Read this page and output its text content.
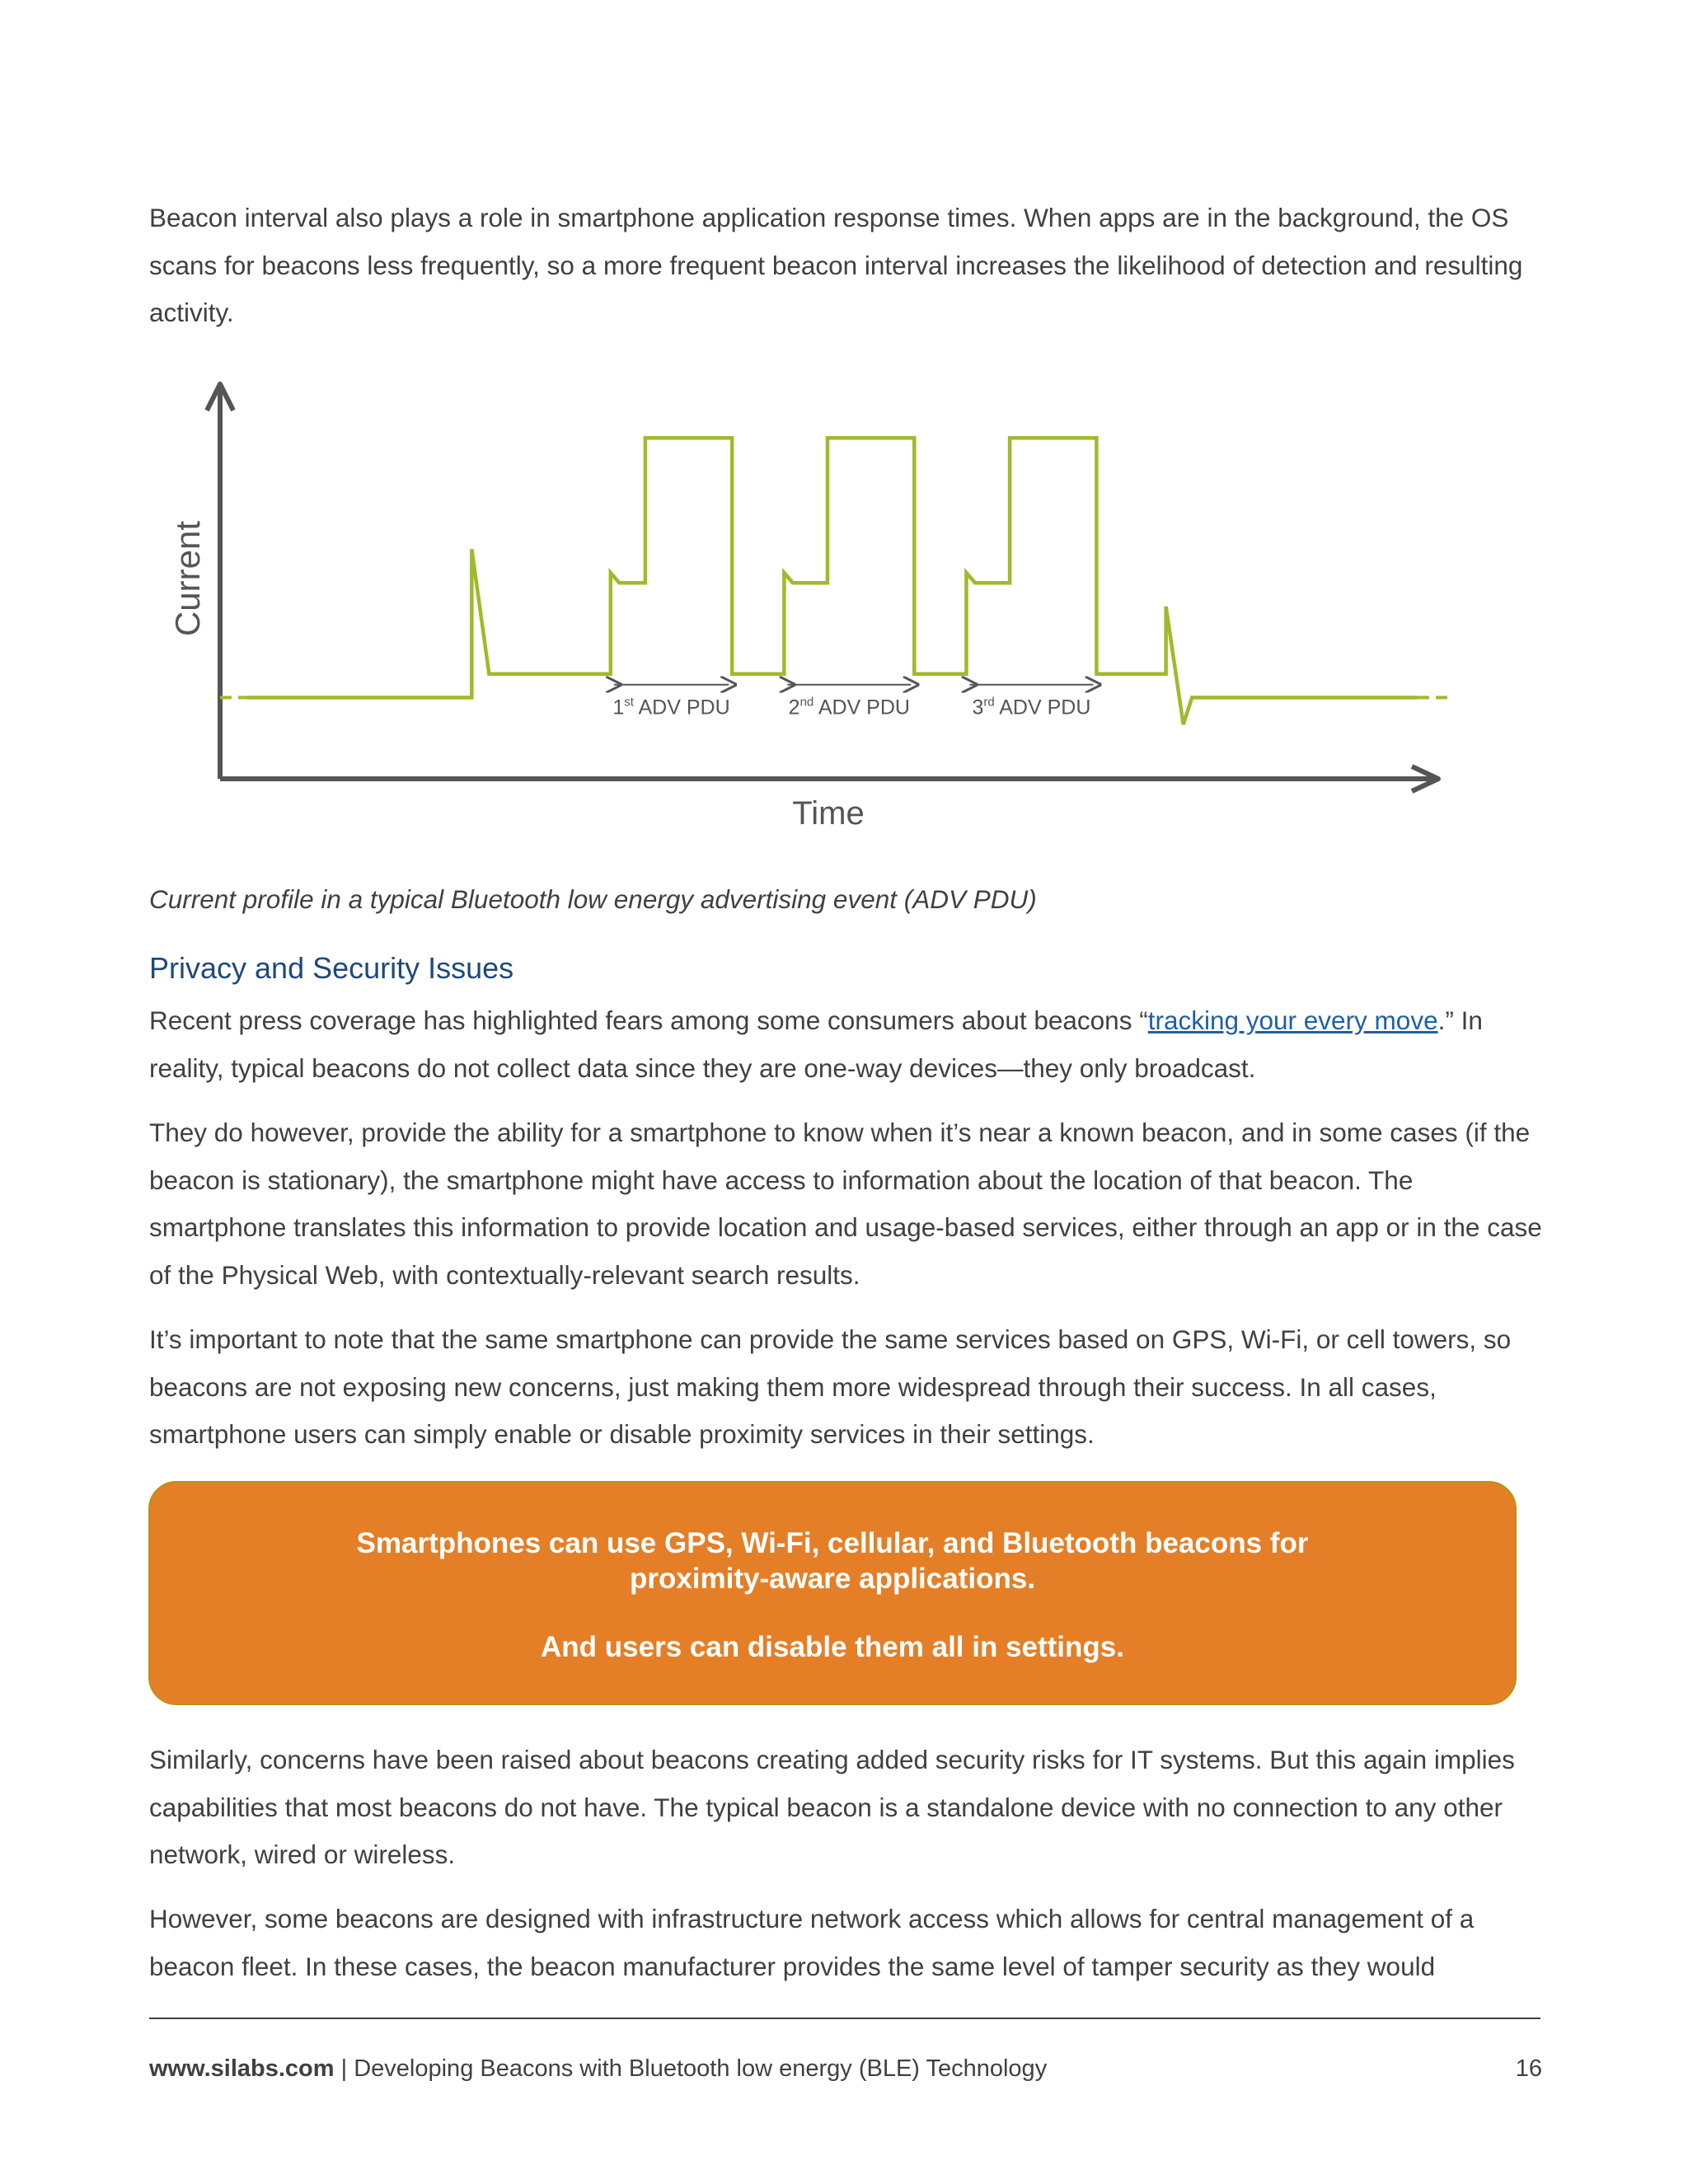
Beacon interval also plays a role in smartphone application response times. When apps are in the background, the OS scans for beacons less frequently, so a more frequent beacon interval increases the likelihood of detection and resulting activity.

Current
Time
1st ADV PDU	2nd ADV PDU	3rd ADV PDU

Current profile in a typical Bluetooth low energy advertising event (ADV PDU)

Privacy and Security Issues

Recent press coverage has highlighted fears among some consumers about beacons “tracking your every move.” In reality, typical beacons do not collect data since they are one-way devices—they only broadcast.

They do however, provide the ability for a smartphone to know when it’s near a known beacon, and in some cases (if the beacon is stationary), the smartphone might have access to information about the location of that beacon. The smartphone translates this information to provide location and usage-based services, either through an app or in the case of the Physical Web, with contextually-relevant search results.

It’s important to note that the same smartphone can provide the same services based on GPS, Wi-Fi, or cell towers, so beacons are not exposing new concerns, just making them more widespread through their success. In all cases, smartphone users can simply enable or disable proximity services in their settings.

Smartphones can use GPS, Wi-Fi, cellular, and Bluetooth beacons for proximity-aware applications.
And users can disable them all in settings.

Similarly, concerns have been raised about beacons creating added security risks for IT systems. But this again implies capabilities that most beacons do not have. The typical beacon is a standalone device with no connection to any other network, wired or wireless.

However, some beacons are designed with infrastructure network access which allows for central management of a beacon fleet. In these cases, the beacon manufacturer provides the same level of tamper security as they would

www.silabs.com | Developing Beacons with Bluetooth low energy (BLE) Technology	16
